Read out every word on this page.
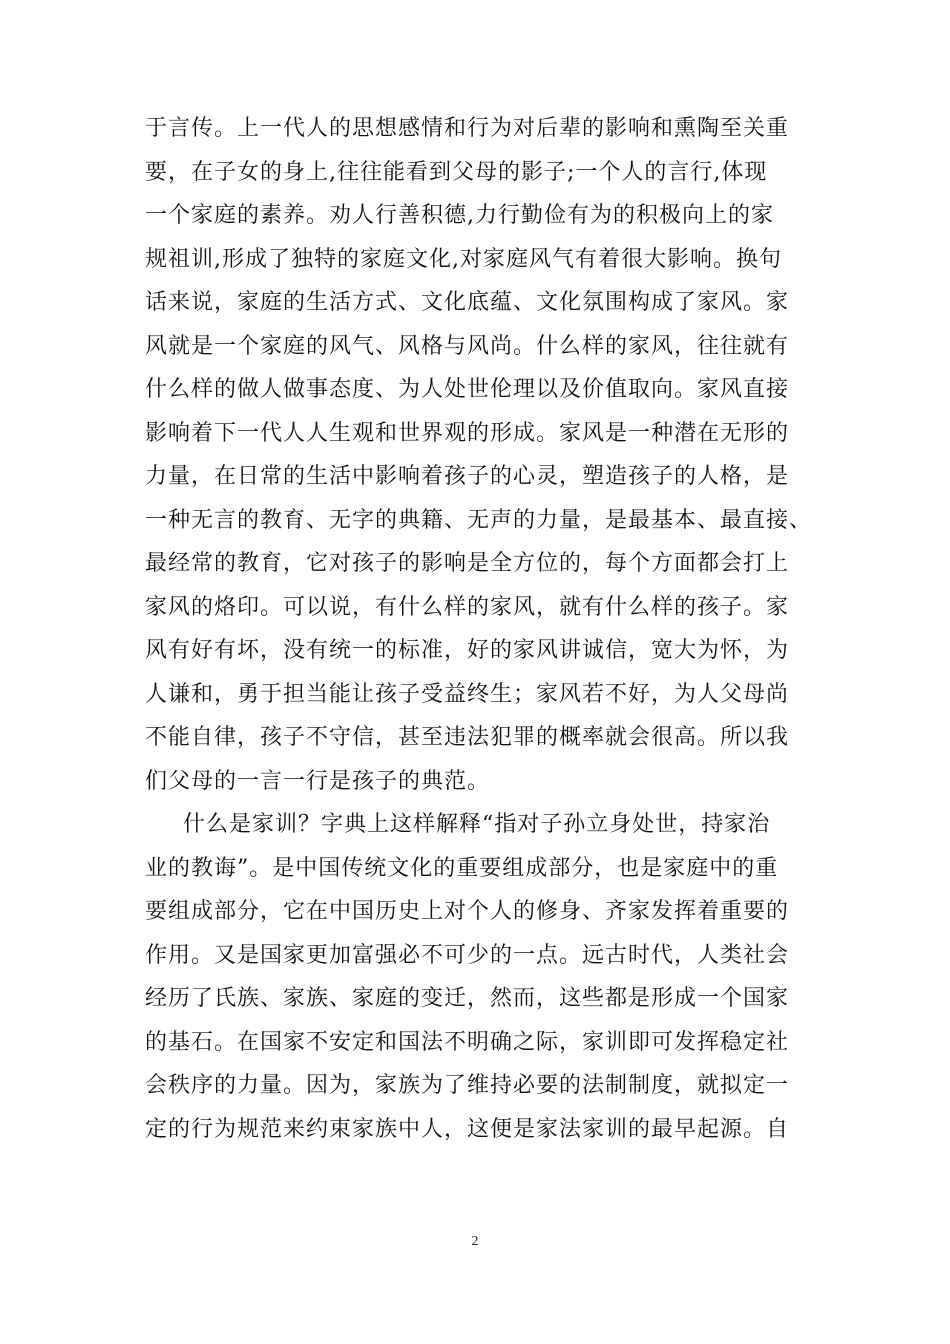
于言传。上一代人的思想感情和行为对后辈的影响和熏陶至关重
要，在子女的身上,往往能看到父母的影子;一个人的言行,体现
一个家庭的素养。劝人行善积德,力行勤俭有为的积极向上的家
规祖训,形成了独特的家庭文化,对家庭风气有着很大影响。换句
话来说，家庭的生活方式、文化底蕴、文化氛围构成了家风。家
风就是一个家庭的风气、风格与风尚。什么样的家风，往往就有
什么样的做人做事态度、为人处世伦理以及价值取向。家风直接
影响着下一代人人生观和世界观的形成。家风是一种潜在无形的
力量，在日常的生活中影响着孩子的心灵，塑造孩子的人格，是
一种无言的教育、无字的典籍、无声的力量，是最基本、最直接、
最经常的教育，它对孩子的影响是全方位的，每个方面都会打上
家风的烙印。可以说，有什么样的家风，就有什么样的孩子。家
风有好有坏，没有统一的标准，好的家风讲诚信，宽大为怀，为
人谦和，勇于担当能让孩子受益终生；家风若不好，为人父母尚
不能自律，孩子不守信，甚至违法犯罪的概率就会很高。所以我
们父母的一言一行是孩子的典范。
什么是家训？字典上这样解释“指对子孙立身处世，持家治
业的教诲”。是中国传统文化的重要组成部分，也是家庭中的重
要组成部分，它在中国历史上对个人的修身、齐家发挥着重要的
作用。又是国家更加富强必不可少的一点。远古时代，人类社会
经历了氏族、家族、家庭的变迁，然而，这些都是形成一个国家
的基石。在国家不安定和国法不明确之际，家训即可发挥稳定社
会秩序的力量。因为，家族为了维持必要的法制制度，就拟定一
定的行为规范来约束家族中人，这便是家法家训的最早起源。自
2
